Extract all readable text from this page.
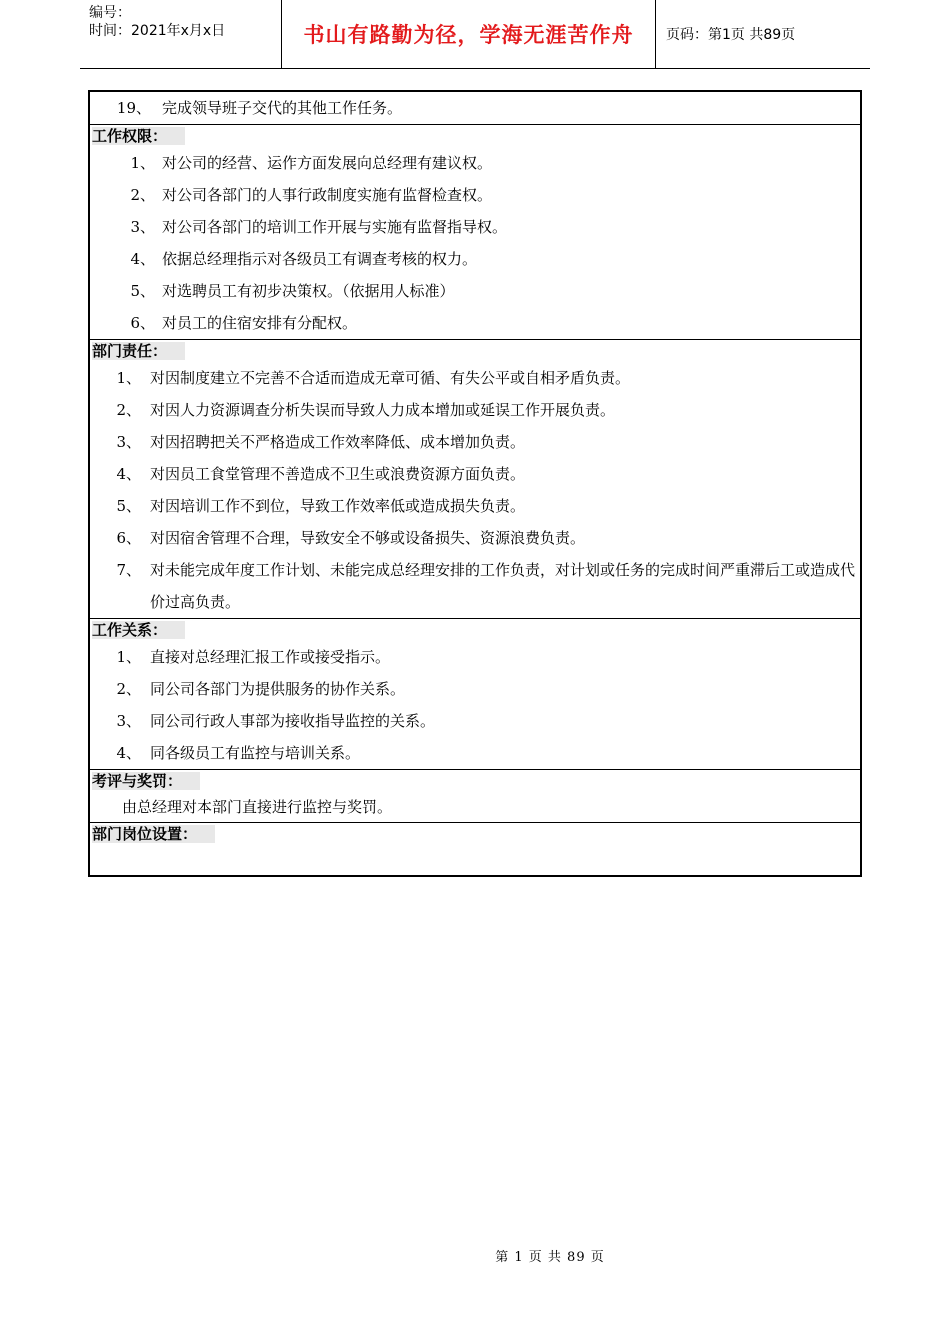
编号：
时间：2021年x月x日	书山有路勤为径，学海无涯苦作舟	页码：第1页 共89页
19 、 完成领导班子交代的其他工作任务。
工作权限：
1 、 对公司的经营、运作方面发展向总经理有建议权。
2 、 对公司各部门的人事行政制度实施有监督检查权。
3 、 对公司各部门的培训工作开展与实施有监督指导权。
4 、 依据总经理指示对各级员工有调查考核的权力。
5 、 对选聘员工有初步决策权。（依据用人标准）
6 、 对员工的住宿安排有分配权。
部门责任：
1 、 对因制度建立不完善不合适而造成无章可循、有失公平或自相矛盾负责。
2 、 对因人力资源调查分析失误而导致人力成本增加或延误工作开展负责。
3 、 对因招聘把关不严格造成工作效率降低、成本增加负责。
4 、 对因员工食堂管理不善造成不卫生或浪费资源方面负责。
5 、 对因培训工作不到位，导致工作效率低或造成损失负责。
6 、 对因宿舍管理不合理，导致安全不够或设备损失、资源浪费负责。
7 、 对未能完成年度工作计划、未能完成总经理安排的工作负责，对计划或任务的完成时间严重滞后工或造成代价过高负责。
工作关系：
1 、 直接对总经理汇报工作或接受指示。
2 、 同公司各部门为提供服务的协作关系。
3 、 同公司行政人事部为接收指导监控的关系。
4 、 同各级员工有监控与培训关系。
考评与奖罚：
由总经理对本部门直接进行监控与奖罚。
部门岗位设置：
第 1 页 共 89 页
